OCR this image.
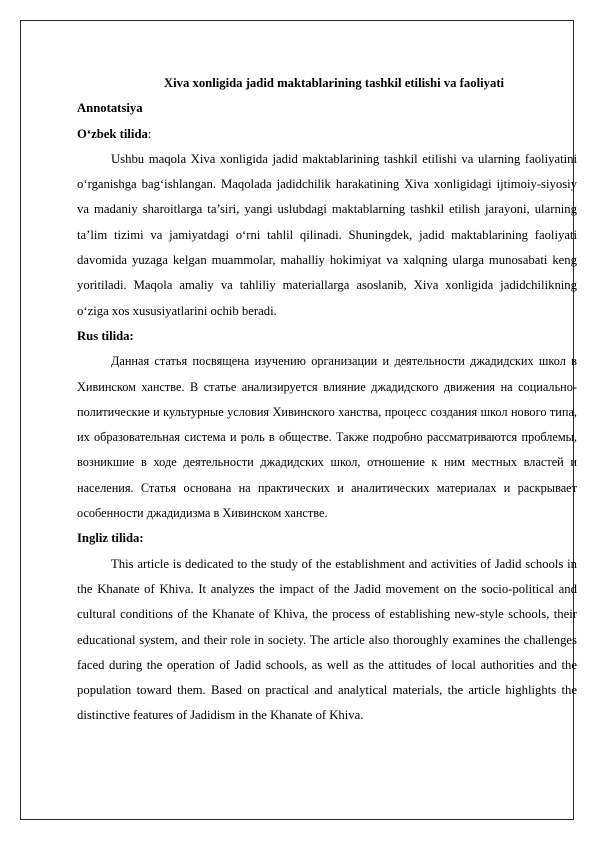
Xiva xonligida jadid maktablarining tashkil etilishi va faoliyati

Annotatsiya

O‘zbek tilida:

Ushbu maqola Xiva xonligida jadid maktablarining tashkil etilishi va ularning faoliyatini o‘rganishga bag‘ishlangan. Maqolada jadidchilik harakatining Xiva xonligidagi ijtimoiy-siyosiy va madaniy sharoitlarga ta’siri, yangi uslubdagi maktablarning tashkil etilish jarayoni, ularning ta’lim tizimi va jamiyatdagi o‘rni tahlil qilinadi. Shuningdek, jadid maktablarining faoliyati davomida yuzaga kelgan muammolar, mahalliy hokimiyat va xalqning ularga munosabati keng yoritiladi. Maqola amaliy va tahliliy materiallarga asoslanib, Xiva xonligida jadidchilikning o‘ziga xos xususiyatlarini ochib beradi.

Rus tilida:

Данная статья посвящена изучению организации и деятельности джадидских школ в Хивинском ханстве. В статье анализируется влияние джадидского движения на социально-политические и культурные условия Хивинского ханства, процесс создания школ нового типа, их образовательная система и роль в обществе. Также подробно рассматриваются проблемы, возникшие в ходе деятельности джадидских школ, отношение к ним местных властей и населения. Статья основана на практических и аналитических материалах и раскрывает особенности джадидизма в Хивинском ханстве.

Ingliz tilida:

This article is dedicated to the study of the establishment and activities of Jadid schools in the Khanate of Khiva. It analyzes the impact of the Jadid movement on the socio-political and cultural conditions of the Khanate of Khiva, the process of establishing new-style schools, their educational system, and their role in society. The article also thoroughly examines the challenges faced during the operation of Jadid schools, as well as the attitudes of local authorities and the population toward them. Based on practical and analytical materials, the article highlights the distinctive features of Jadidism in the Khanate of Khiva.
